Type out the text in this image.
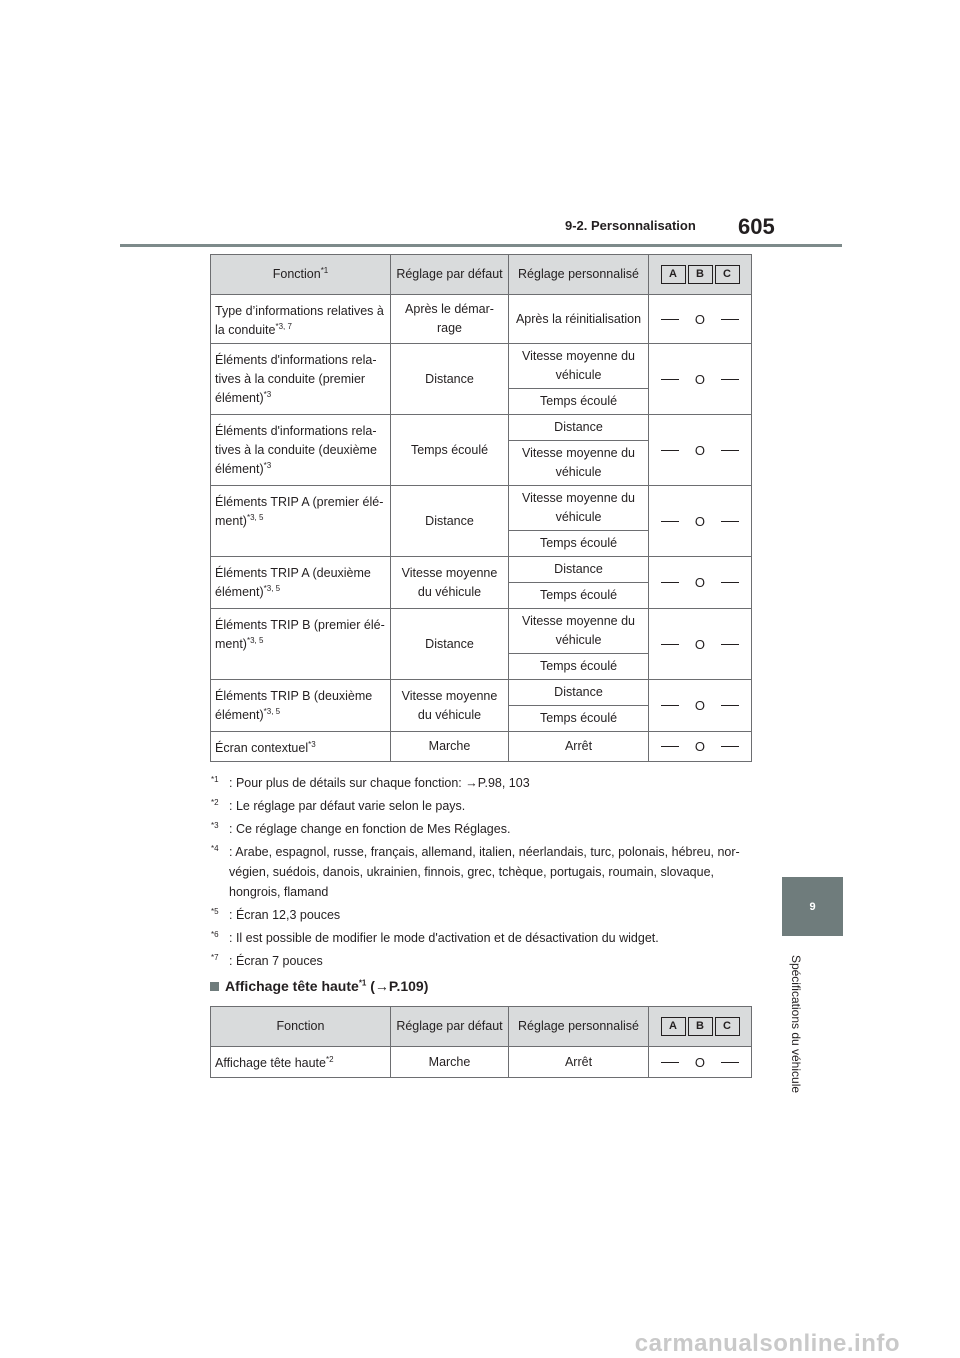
9-2. Personnalisation 605
9
Spécifications du véhicule
Fonction$^{*1}$	Réglage par défaut	Réglage personnalisé	A B C

Type d’informations relatives à la conduite$^{*3, 7}$	Après le démar-rage	Après la réinitialisation	O

Éléments d'informations rela-tives à la conduite (premier élément)$^{*3}$	Distance	Vitesse moyenne du véhicule	O

		Temps écoulé	
Éléments d'informations rela-tives à la conduite (deuxième élément)$^{*3}$	Temps écoulé	Distance	O

		Vitesse moyenne du véhicule	
Éléments TRIP A (premier élé-ment)$^{*3, 5}$	Distance	Vitesse moyenne du véhicule	O

		Temps écoulé	
Éléments TRIP A (deuxième élément)$^{*3, 5}$	Vitesse moyenne du véhicule	Distance	O

		Temps écoulé	
Éléments TRIP B (premier élé-ment)$^{*3, 5}$	Distance	Vitesse moyenne du véhicule	O

		Temps écoulé	
Éléments TRIP B (deuxième élément)$^{*3, 5}$	Vitesse moyenne du véhicule	Distance	O

		Temps écoulé	
Écran contextuel$^{*3}$	Marche	Arrêt	O
$^{*1}$ : Pour plus de détails sur chaque fonction: →P.98, 103
$^{*2}$ : Le réglage par défaut varie selon le pays.
$^{*3}$ : Ce réglage change en fonction de Mes Réglages.
$^{*4}$ : Arabe, espagnol, russe, français, allemand, italien, néerlandais, turc, polonais, hébreu, nor-végien, suédois, danois, ukrainien, finnois, grec, tchèque, portugais, roumain, slovaque, hongrois, flamand
$^{*5}$ : Écran 12,3 pouces
$^{*6}$ : Il est possible de modifier le mode d'activation et de désactivation du widget.
$^{*7}$ : Écran 7 pouces
Affichage tête haute$^{*1}$ (→P.109)
Fonction	Réglage par défaut	Réglage personnalisé	A B C

Affichage tête haute$^{*2}$	Marche	Arrêt	O
carmanualsonline.info
